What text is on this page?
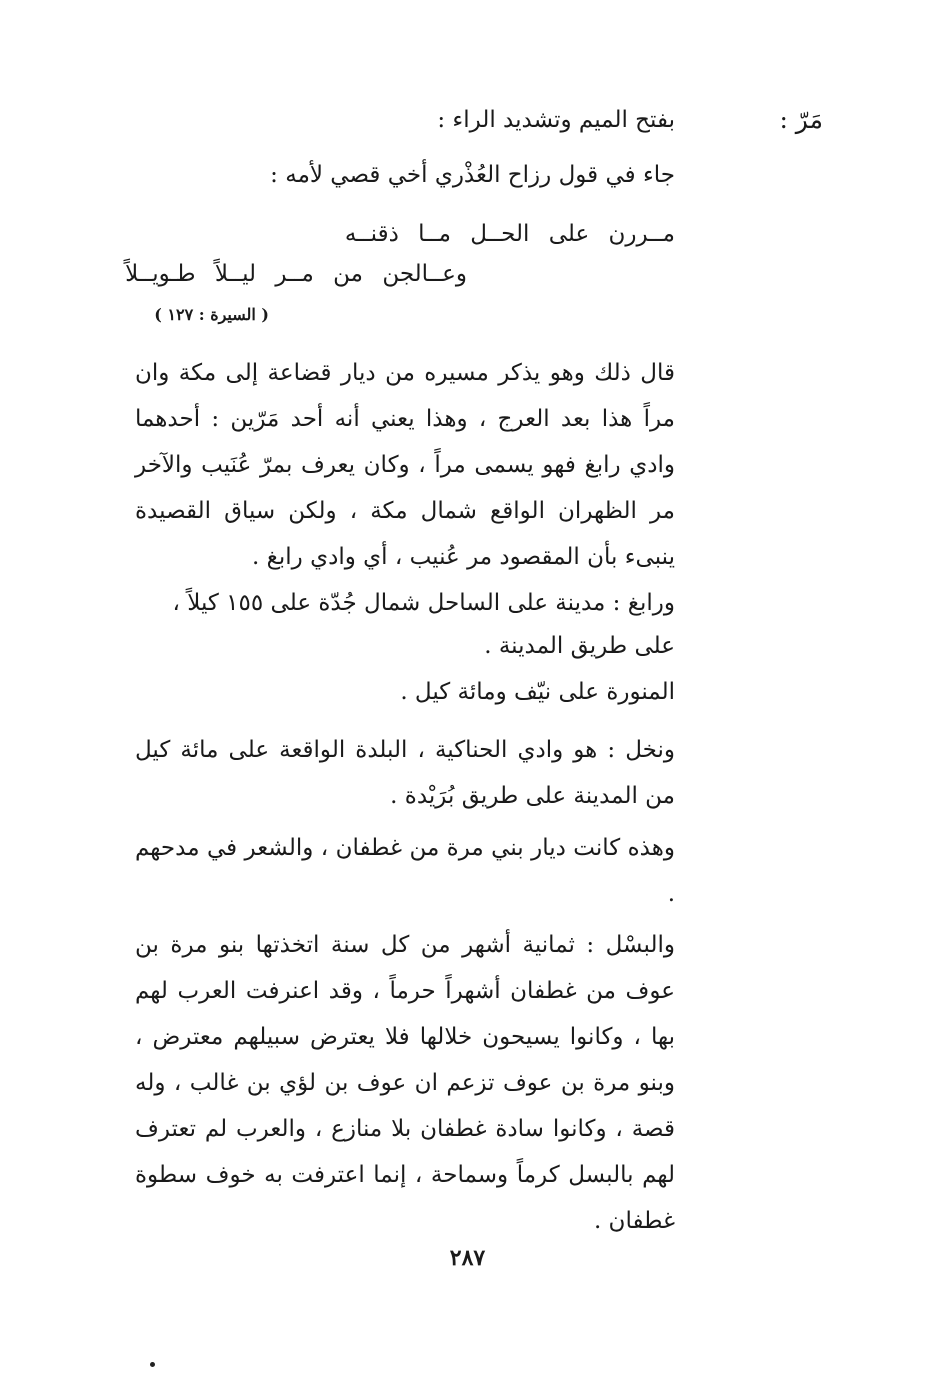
مَرّ :
بفتح الميم وتشديد الراء :
جاء في قول رزاح العُذْري أخي قصي لأمه :
مــررن على الحــل مــا ذقنــه
وعــالجن من مــر ليــلاً طـويــلاً
( السيرة : ١٢٧ )
قال ذلك وهو يذكر مسيره من ديار قضاعة إلى مكة وان مراً هذا بعد العرج ، وهذا يعني أنه أحد مَرّين : أحدهما وادي رابغ فهو يسمى مراً ، وكان يعرف بمرّ عُنَيب والآخر مر الظهران الواقع شمال مكة ، ولكن سياق القصيدة ينبىء بأن المقصود مر عُنيب ، أي وادي رابغ .
ورابغ : مدينة على الساحل شمال جُدّة على ١٥٥ كيلاً ،
على طريق المدينة .
المنورة على نيّف ومائة كيل .
ونخل : هو وادي الحناكية ، البلدة الواقعة على مائة كيل من المدينة على طريق بُرَيْدة .
وهذه كانت ديار بني مرة من غطفان ، والشعر في مدحهم .
والبسْل : ثمانية أشهر من كل سنة اتخذتها بنو مرة بن عوف من غطفان أشهراً حرماً ، وقد اعنرفت العرب لهم بها ، وكانوا يسيحون خلالها فلا يعترض سبيلهم معترض ، وبنو مرة بن عوف تزعم ان عوف بن لؤي بن غالب ، وله قصة ، وكانوا سادة غطفان بلا منازع ، والعرب لم تعترف لهم بالبسل كرماً وسماحة ، إنما اعترفت به خوف سطوة غطفان .
٢٨٧
